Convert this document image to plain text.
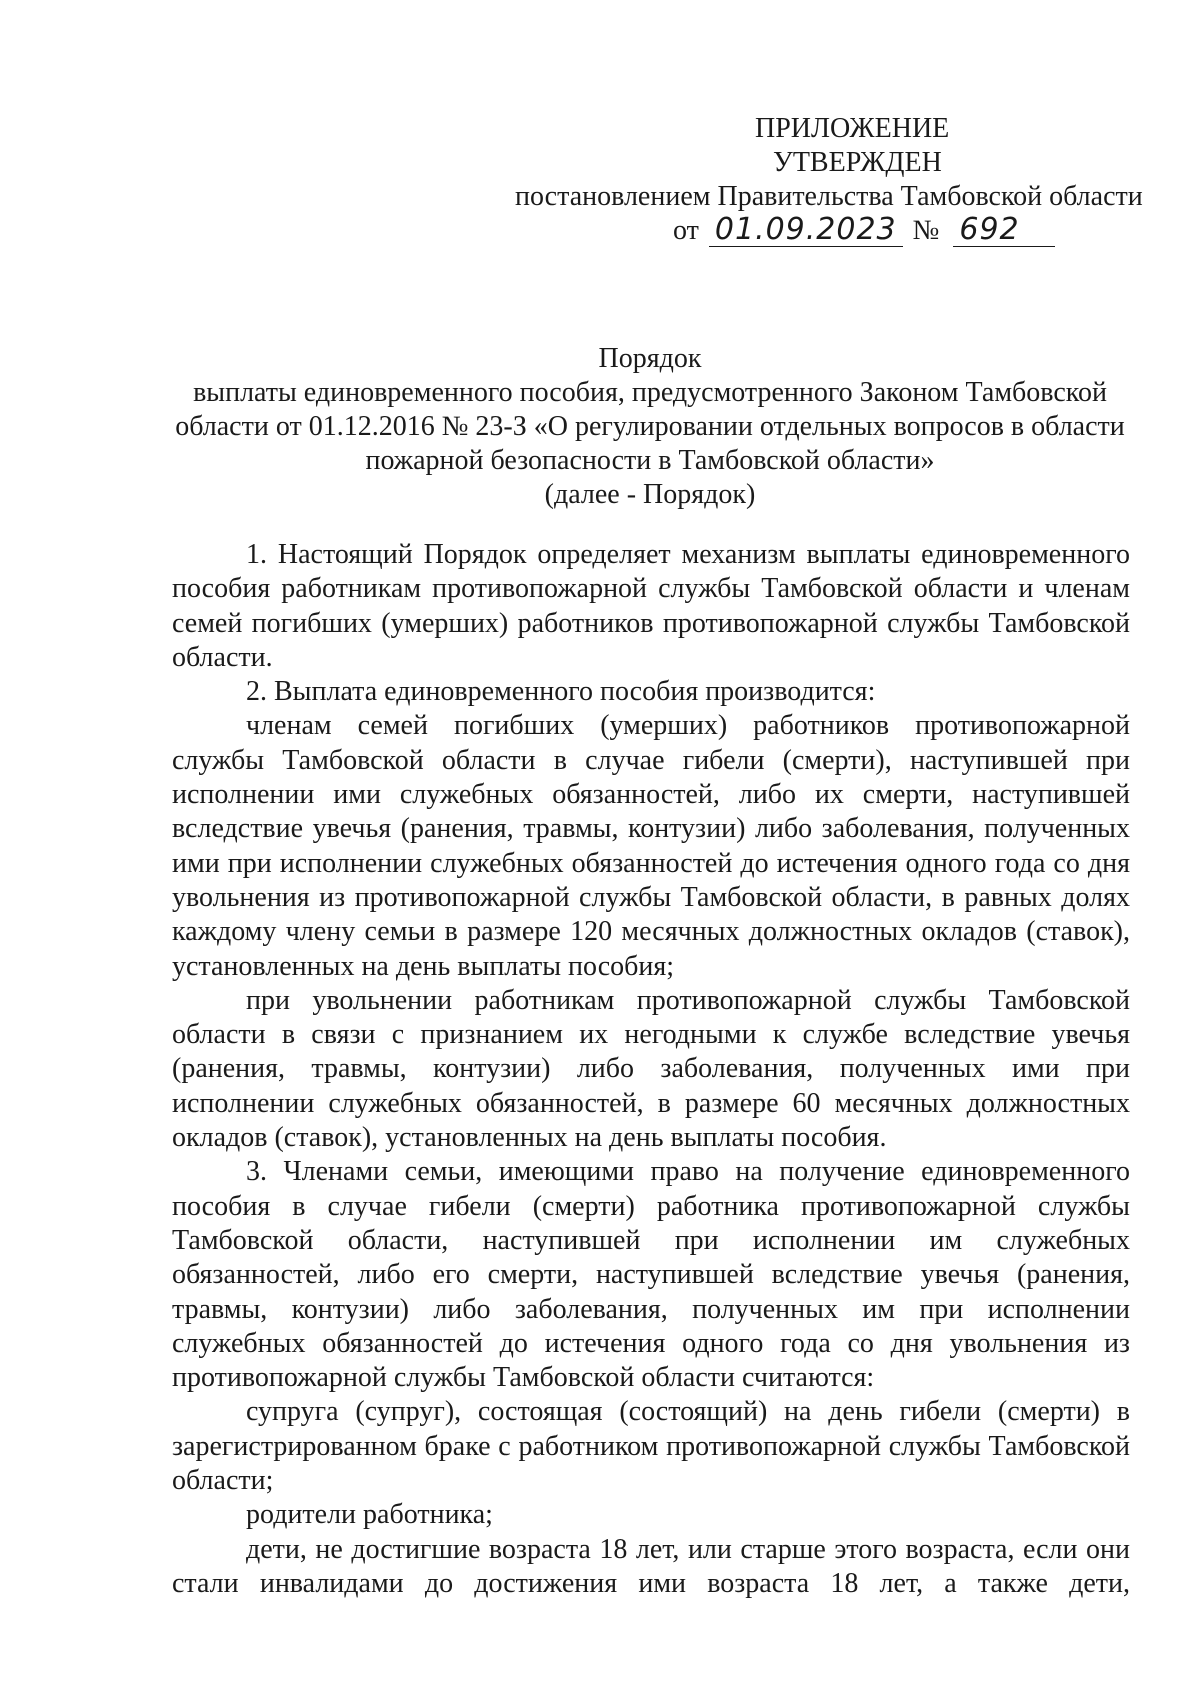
ПРИЛОЖЕНИЕ
УТВЕРЖДЕН
постановлением Правительства Тамбовской области
от 01.09.2023 № 692
Порядок
выплаты единовременного пособия, предусмотренного Законом Тамбовской
области от 01.12.2016 № 23-З «О регулировании отдельных вопросов в области
пожарной безопасности в Тамбовской области»
(далее - Порядок)

1. Настоящий Порядок определяет механизм выплаты единовременного пособия работникам противопожарной службы Тамбовской области и членам семей погибших (умерших) работников противопожарной службы Тамбовской области.

2. Выплата единовременного пособия производится:

членам семей погибших (умерших) работников противопожарной службы Тамбовской области в случае гибели (смерти), наступившей при исполнении ими служебных обязанностей, либо их смерти, наступившей вследствие увечья (ранения, травмы, контузии) либо заболевания, полученных ими при исполнении служебных обязанностей до истечения одного года со дня увольнения из противопожарной службы Тамбовской области, в равных долях каждому члену семьи в размере 120 месячных должностных окладов (ставок), установленных на день выплаты пособия;

при увольнении работникам противопожарной службы Тамбовской области в связи с признанием их негодными к службе вследствие увечья (ранения, травмы, контузии) либо заболевания, полученных ими при исполнении служебных обязанностей, в размере 60 месячных должностных окладов (ставок), установленных на день выплаты пособия.

3. Членами семьи, имеющими право на получение единовременного пособия в случае гибели (смерти) работника противопожарной службы Тамбовской области, наступившей при исполнении им служебных обязанностей, либо его смерти, наступившей вследствие увечья (ранения, травмы, контузии) либо заболевания, полученных им при исполнении служебных обязанностей до истечения одного года со дня увольнения из противопожарной службы Тамбовской области считаются:

супруга (супруг), состоящая (состоящий) на день гибели (смерти) в зарегистрированном браке с работником противопожарной службы Тамбовской области;

родители работника;

дети, не достигшие возраста 18 лет, или старше этого возраста, если они стали инвалидами до достижения ими возраста 18 лет, а также дети,
